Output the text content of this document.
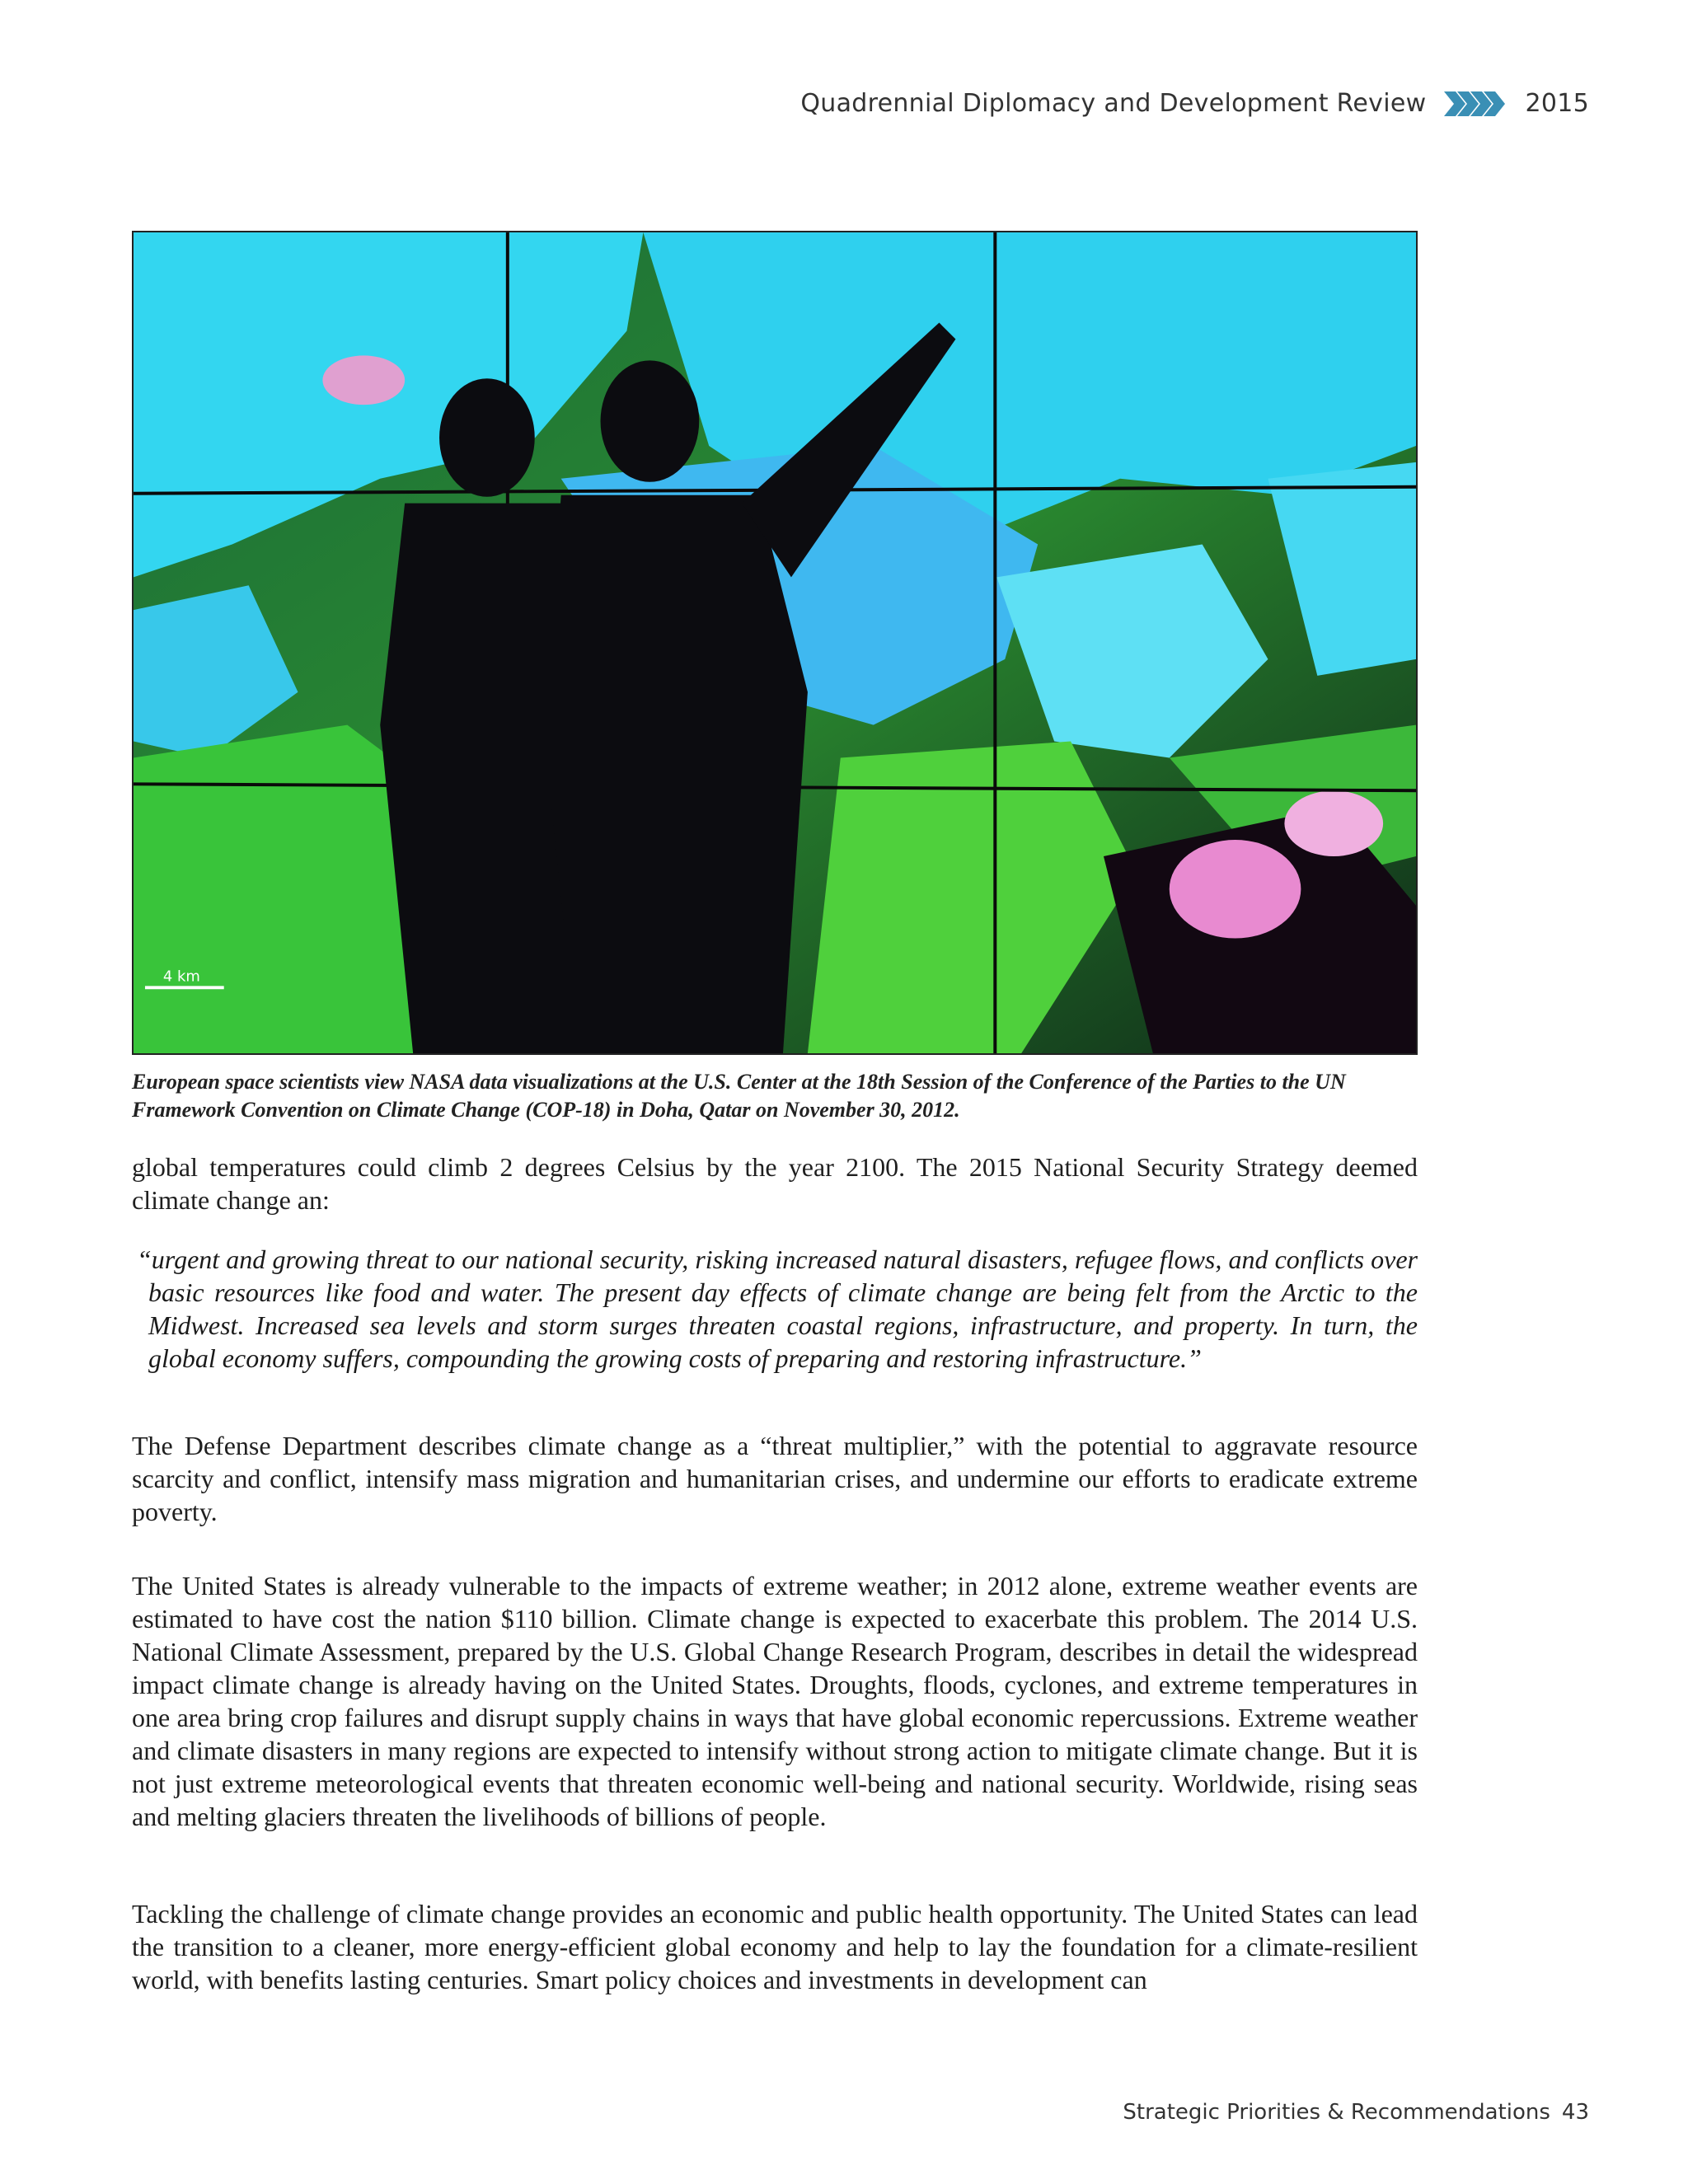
Quadrennial Diplomacy and Development Review	2015
4 km
European space scientists view NASA data visualizations at the U.S. Center at the 18th Session of the Conference of the Parties to the UN Framework Convention on Climate Change (COP-18) in Doha, Qatar on November 30, 2012.
global temperatures could climb 2 degrees Celsius by the year 2100. The 2015 National Security Strategy deemed climate change an:
“urgent and growing threat to our national security, risking increased natural disasters, refugee flows, and conflicts over basic resources like food and water. The present day effects of climate change are being felt from the Arctic to the Midwest. Increased sea levels and storm surges threaten coastal regions, infrastructure, and property. In turn, the global economy suffers, compounding the growing costs of preparing and restoring infrastructure.”
The Defense Department describes climate change as a “threat multiplier,” with the potential to aggravate resource scarcity and conflict, intensify mass migration and humanitarian crises, and undermine our efforts to eradicate extreme poverty.
The United States is already vulnerable to the impacts of extreme weather; in 2012 alone, extreme weather events are estimated to have cost the nation $110 billion. Climate change is expected to exacerbate this problem. The 2014 U.S. National Climate Assessment, prepared by the U.S. Global Change Research Program, describes in detail the widespread impact climate change is already having on the United States. Droughts, floods, cyclones, and extreme temperatures in one area bring crop failures and disrupt supply chains in ways that have global economic repercussions. Extreme weather and climate disasters in many regions are expected to intensify without strong action to mitigate climate change. But it is not just extreme meteorological events that threaten economic well-being and national security. Worldwide, rising seas and melting glaciers threaten the livelihoods of billions of people.
Tackling the challenge of climate change provides an economic and public health opportunity. The United States can lead the transition to a cleaner, more energy-efficient global economy and help to lay the foundation for a climate-resilient world, with benefits lasting centuries. Smart policy choices and investments in development can
Strategic Priorities & Recommendations 43
